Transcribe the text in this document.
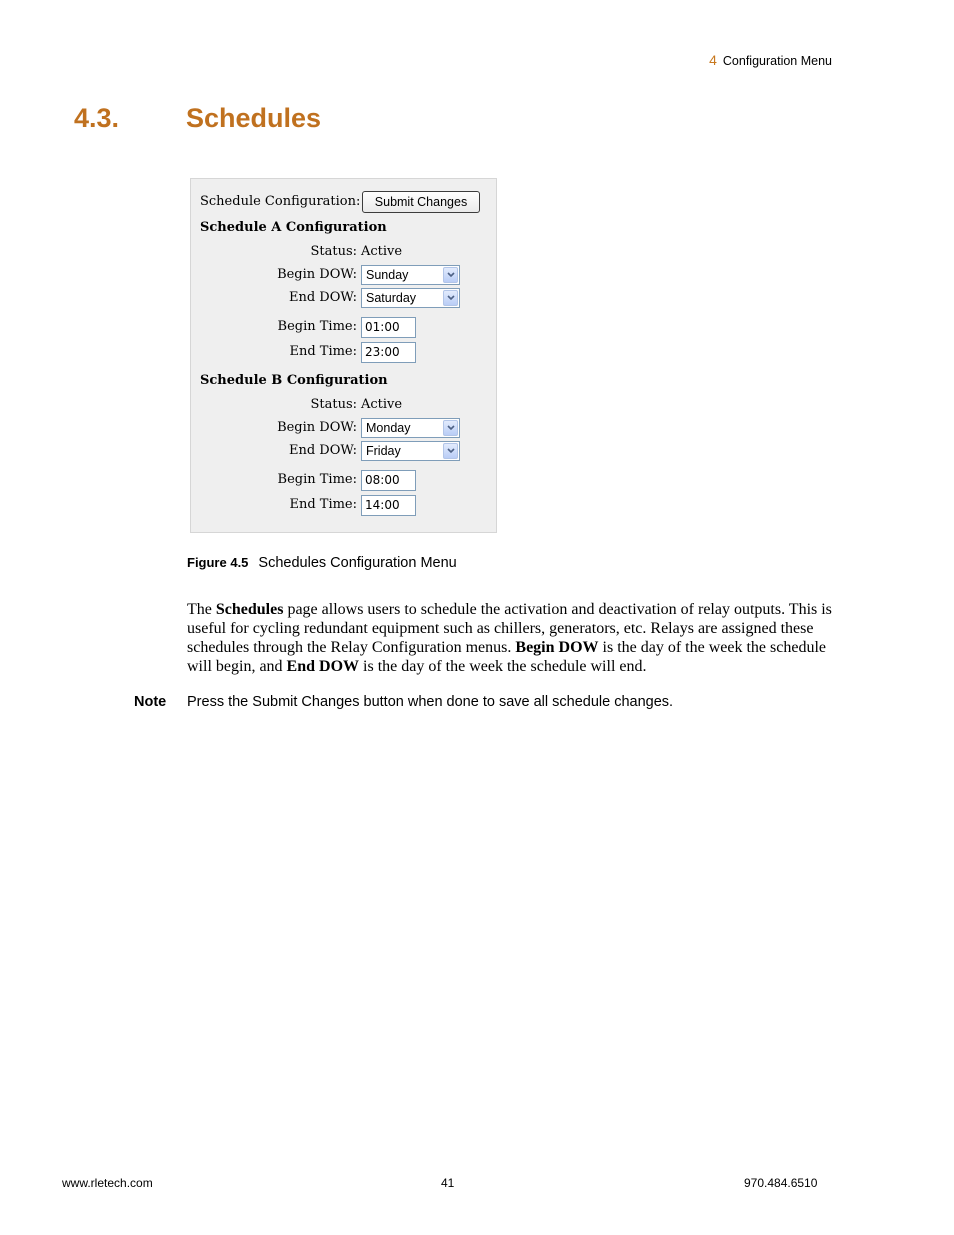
4 Configuration Menu
4.3. Schedules
Schedule Configuration:	Submit Changes
Schedule A Configuration
Status: Active
Begin DOW: Sunday
End DOW: Saturday
Begin Time: 01:00
End Time: 23:00
Schedule B Configuration
Status: Active
Begin DOW: Monday
End DOW: Friday
Begin Time: 08:00
End Time: 14:00
Figure 4.5 Schedules Configuration Menu
The Schedules page allows users to schedule the activation and deactivation of relay outputs. This is useful for cycling redundant equipment such as chillers, generators, etc. Relays are assigned these schedules through the Relay Configuration menus. Begin DOW is the day of the week the schedule will begin, and End DOW is the day of the week the schedule will end.
Note Press the Submit Changes button when done to save all schedule changes.
www.rletech.com	41	970.484.6510
